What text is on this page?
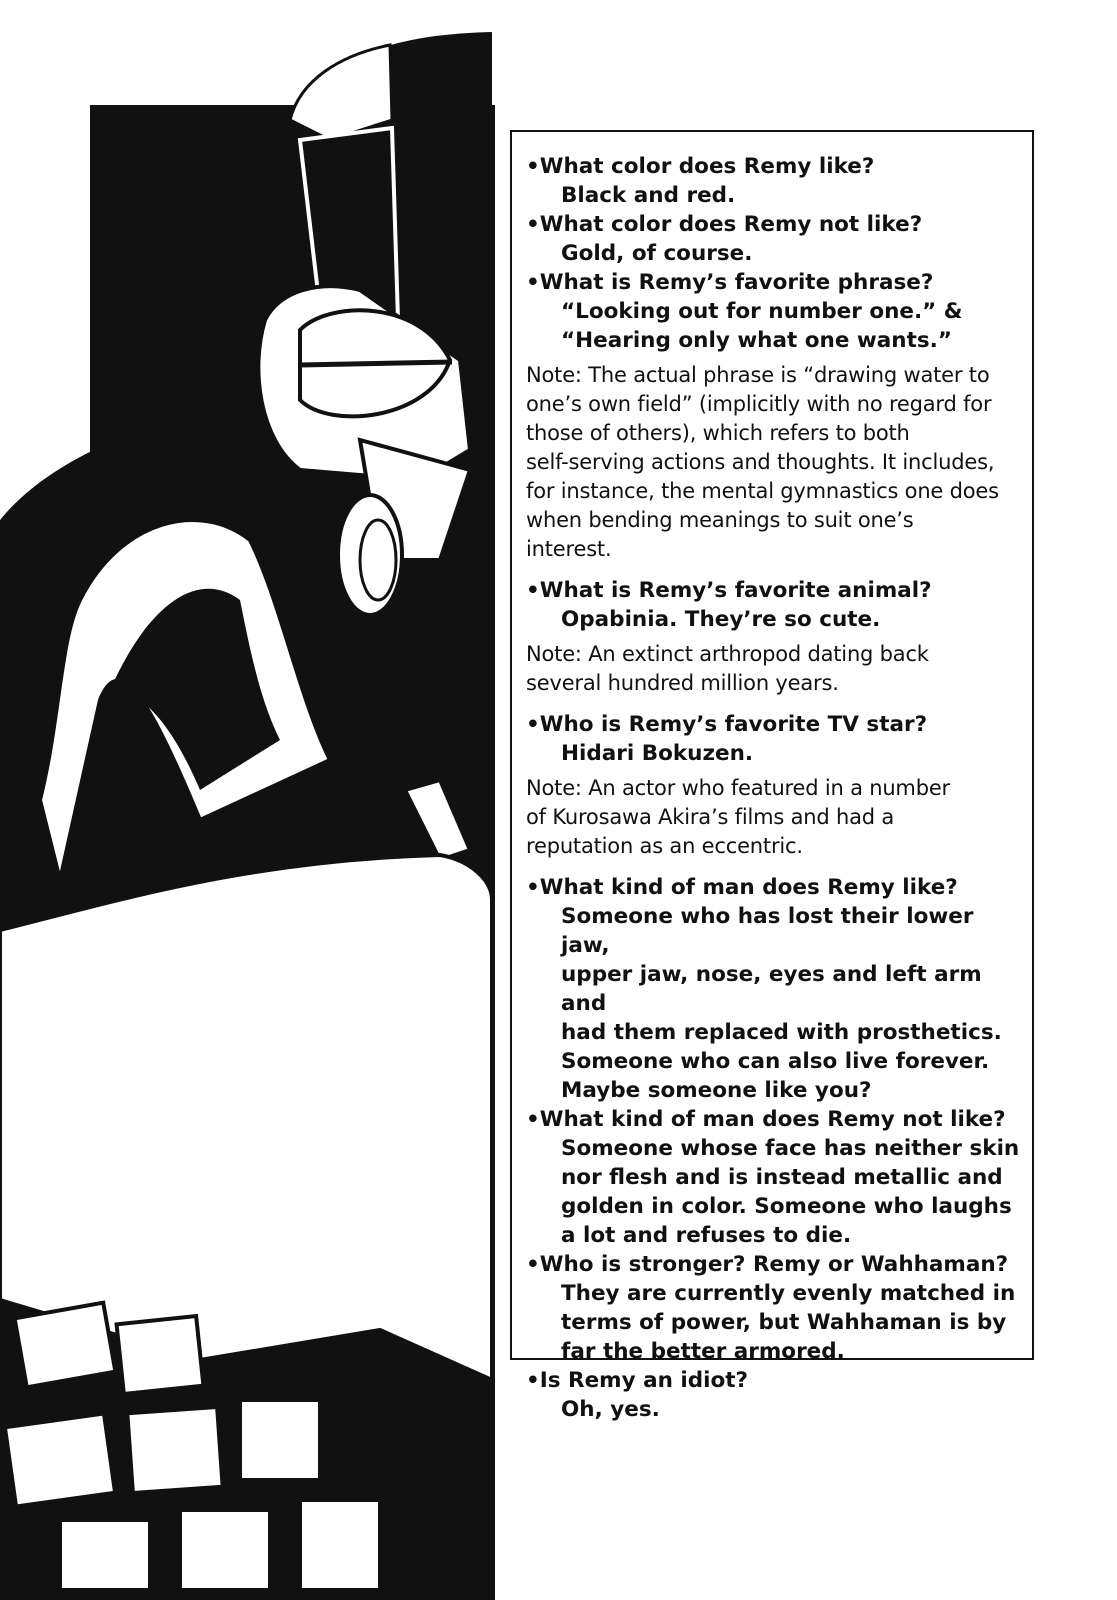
•What color does Remy like?
Black and red.
•What color does Remy not like?
Gold, of course.
•What is Remy’s favorite phrase?
“Looking out for number one.” &
“Hearing only what one wants.”
Note: The actual phrase is “drawing water to
one’s own field” (implicitly with no regard for
those of others), which refers to both
self-serving actions and thoughts. It includes,
for instance, the mental gymnastics one does
when bending meanings to suit one’s
interest.
•What is Remy’s favorite animal?
Opabinia. They’re so cute.
Note: An extinct arthropod dating back
several hundred million years.
•Who is Remy’s favorite TV star?
Hidari Bokuzen.
Note: An actor who featured in a number
of Kurosawa Akira’s films and had a
reputation as an eccentric.
•What kind of man does Remy like?
Someone who has lost their lower jaw,
upper jaw, nose, eyes and left arm and
had them replaced with prosthetics.
Someone who can also live forever.
Maybe someone like you?
•What kind of man does Remy not like?
Someone whose face has neither skin
nor flesh and is instead metallic and
golden in color. Someone who laughs
a lot and refuses to die.
•Who is stronger? Remy or Wahhaman?
They are currently evenly matched in
terms of power, but Wahhaman is by
far the better armored.
•Is Remy an idiot?
Oh, yes.
